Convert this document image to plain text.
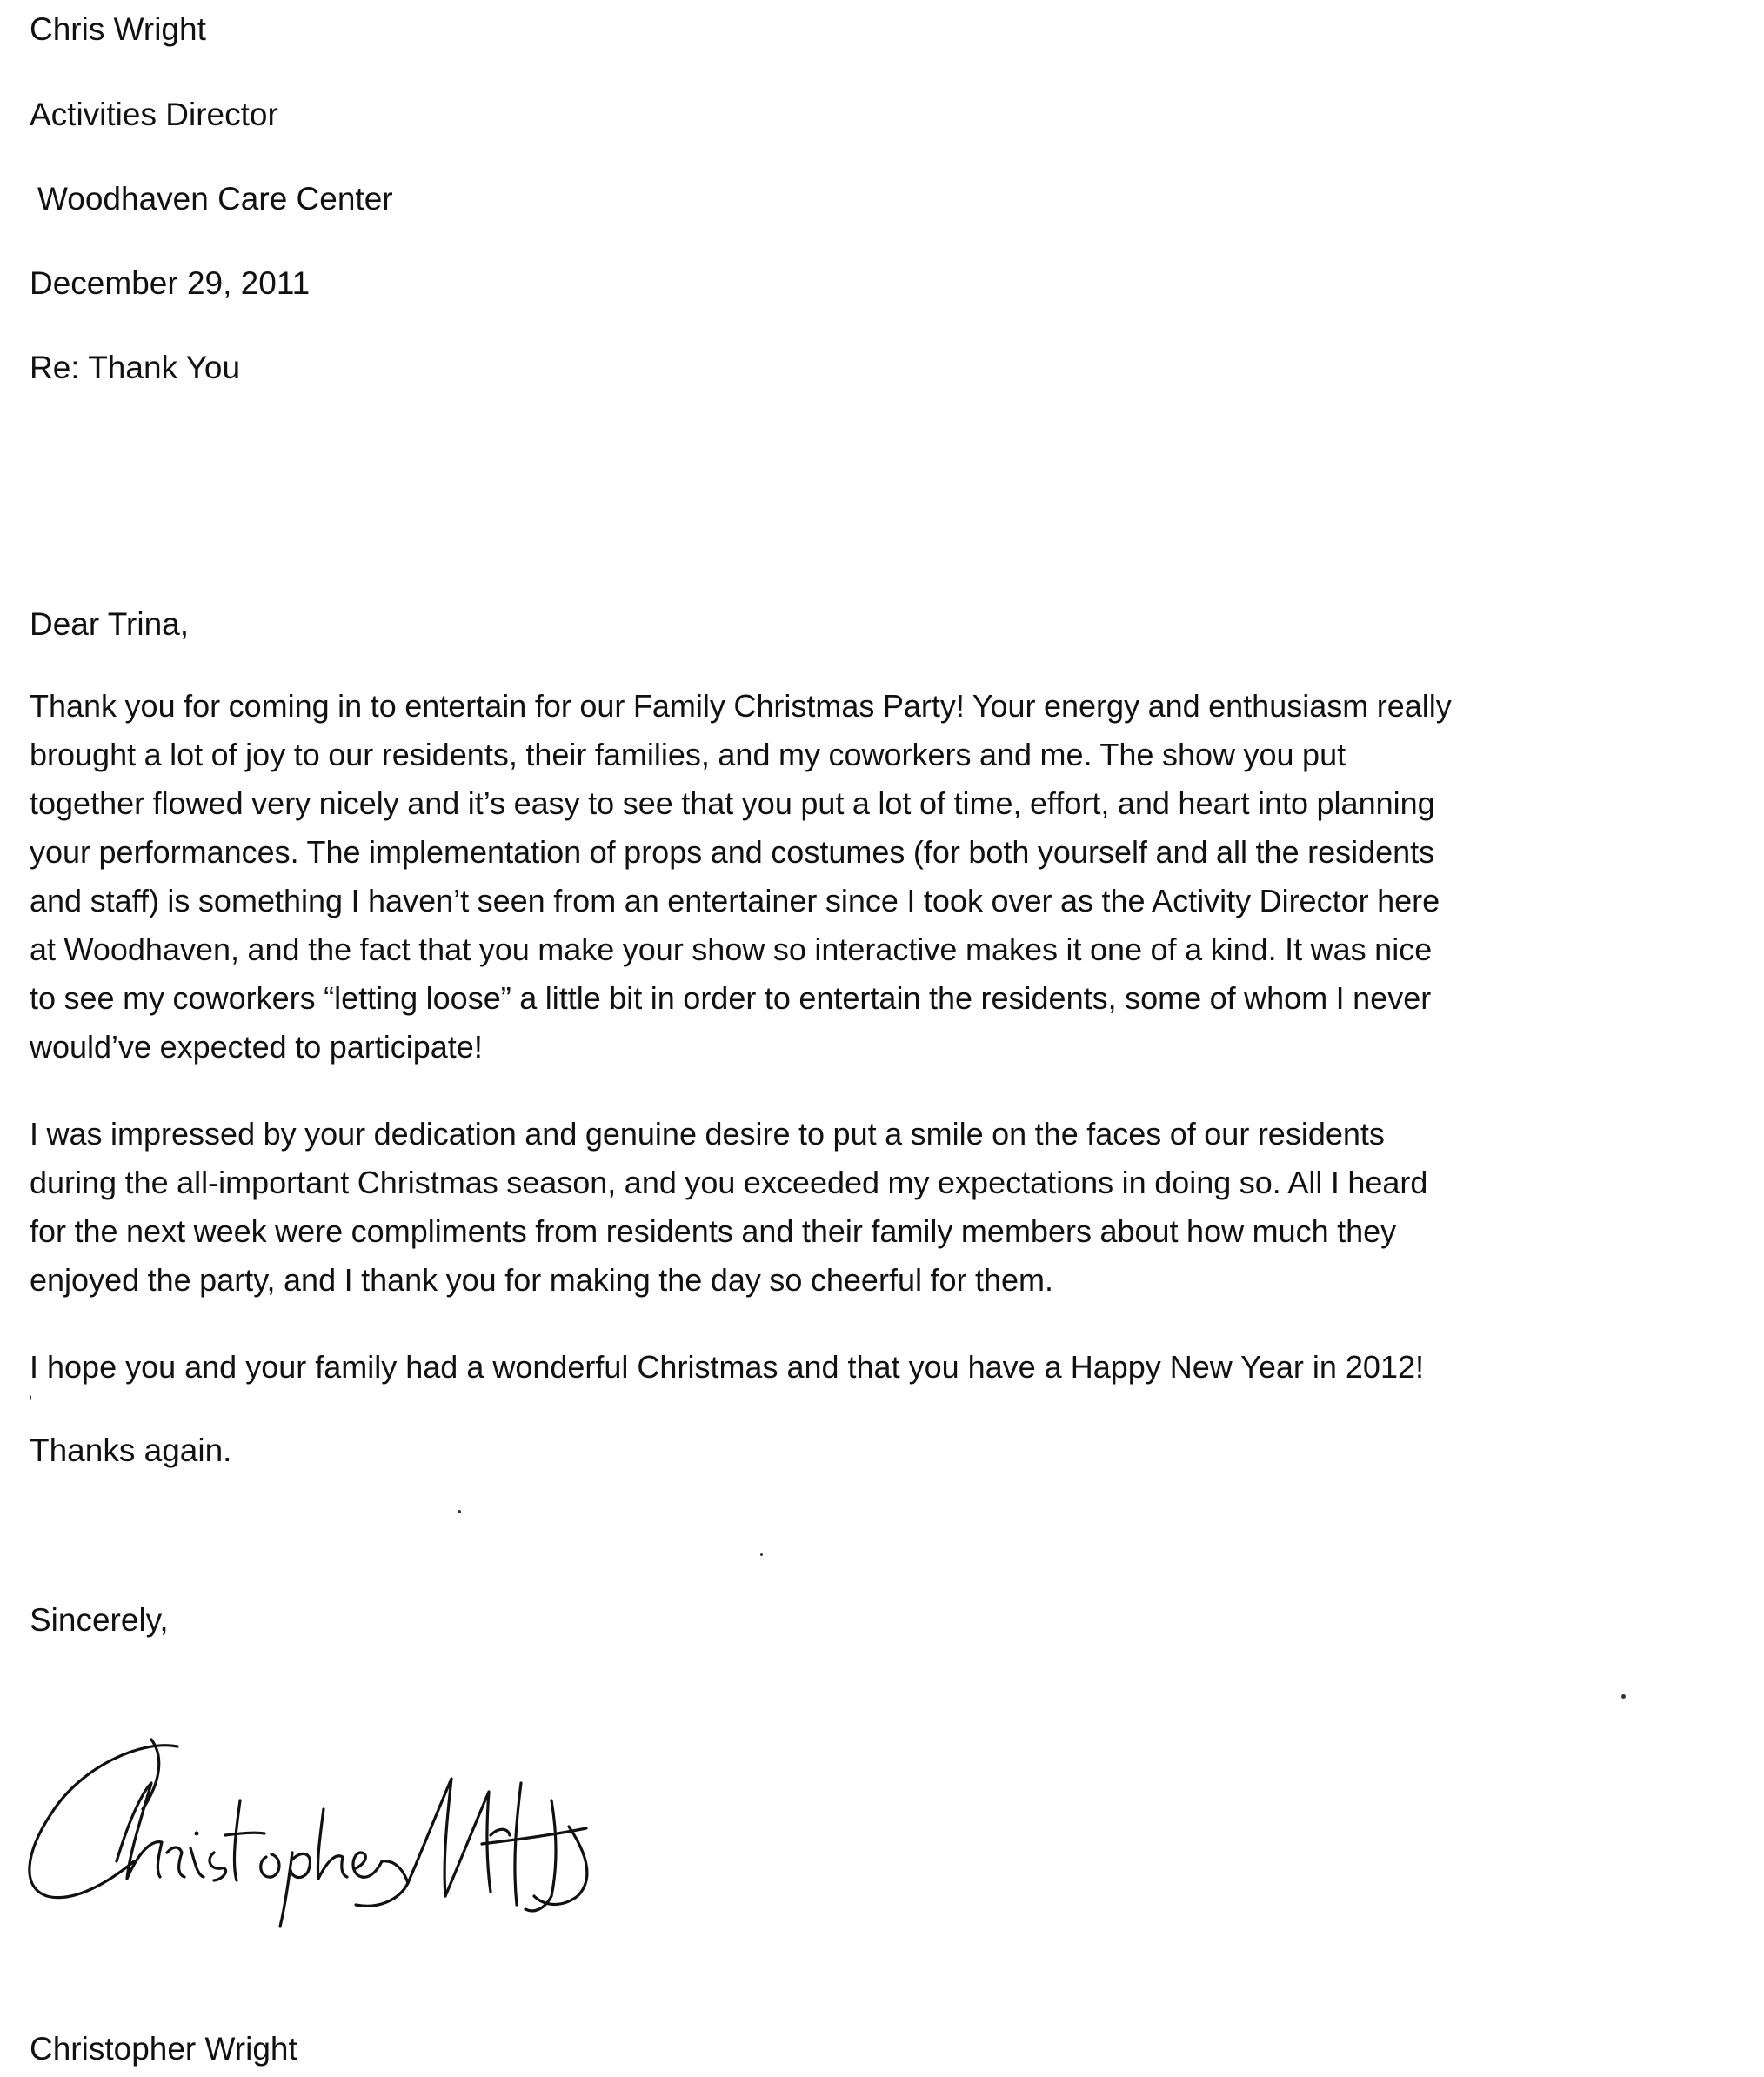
Chris Wright

Activities Director

Woodhaven Care Center

December 29, 2011

Re: Thank You

Dear Trina,

Thank you for coming in to entertain for our Family Christmas Party! Your energy and enthusiasm really
brought a lot of joy to our residents, their families, and my coworkers and me. The show you put
together flowed very nicely and it’s easy to see that you put a lot of time, effort, and heart into planning
your performances. The implementation of props and costumes (for both yourself and all the residents
and staff) is something I haven’t seen from an entertainer since I took over as the Activity Director here
at Woodhaven, and the fact that you make your show so interactive makes it one of a kind. It was nice
to see my coworkers “letting loose” a little bit in order to entertain the residents, some of whom I never
would’ve expected to participate!
I was impressed by your dedication and genuine desire to put a smile on the faces of our residents
during the all-important Christmas season, and you exceeded my expectations in doing so. All I heard
for the next week were compliments from residents and their family members about how much they
enjoyed the party, and I thank you for making the day so cheerful for them.

I hope you and your family had a wonderful Christmas and that you have a Happy New Year in 2012!

Thanks again.

Sincerely,

Christopher Wright
